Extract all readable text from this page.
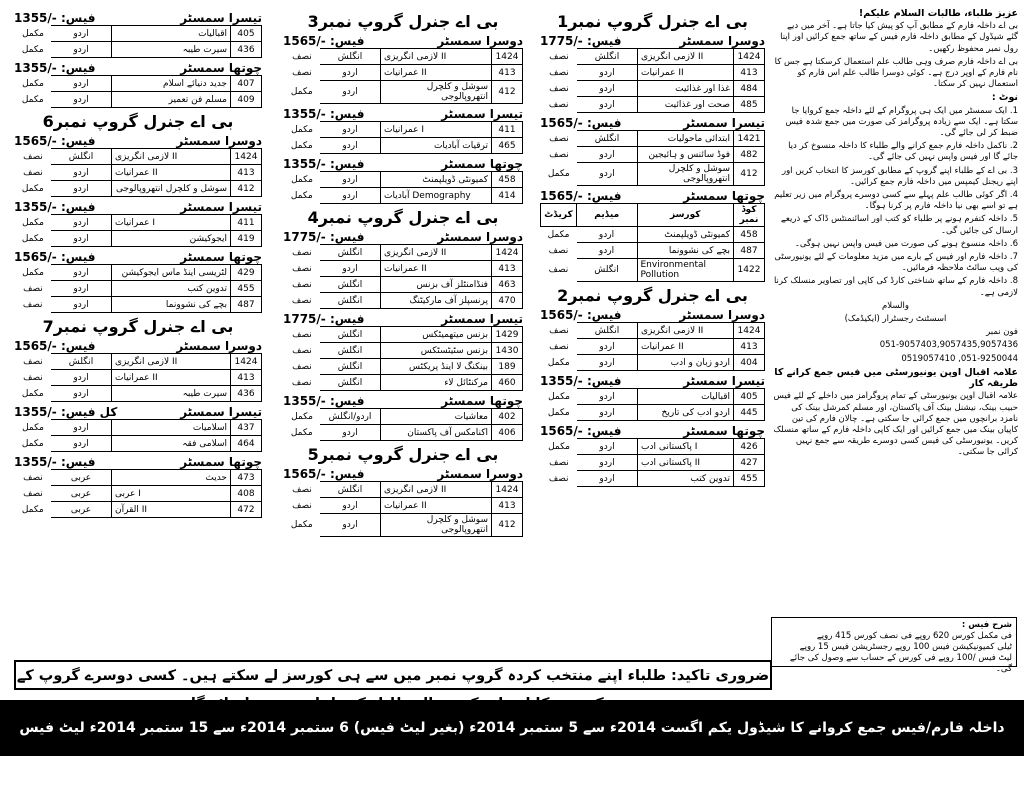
بی اے جنرل گروپ نمبر1
دوسرا سمسٹر
فیس: -/1775
1424	لازمی انگریزی II	انگلش	نصف
413	عمرانیات II	اردو	نصف
484	غذا اور غذائیت	اردو	نصف
485	صحت اور غذائیت	اردو	نصف
تیسرا سمسٹر
فیس: -/1565
1421	ابتدائی ماحولیات	انگلش	نصف
482	فوڈ سائنس و ہائیجین	اردو	نصف
412	سوشل و کلچرل انتھروپالوجی	اردو	مکمل
چوتھا سمسٹر
فیس: -/1565
کوڈ نمبر	کورسز	میڈیم	کریڈٹ
458	کمیونٹی ڈویلپمنٹ	اردو	مکمل
487	بچے کی نشوونما	اردو	نصف
1422	Environmental Pollution	انگلش	نصف
بی اے جنرل گروپ نمبر2
دوسرا سمسٹر
فیس: -/1565
1424	لازمی انگریزی II	انگلش	نصف
413	عمرانیات II	اردو	نصف
404	اردو زبان و ادب	اردو	مکمل
تیسرا سمسٹر
فیس: -/1355
405	اقبالیات	اردو	مکمل
445	اردو ادب کی تاریخ	اردو	مکمل
چوتھا سمسٹر
فیس: -/1565
426	پاکستانی ادب I	اردو	مکمل
427	پاکستانی ادب II	اردو	نصف
455	تدوین کتب	اردو	نصف
بی اے جنرل گروپ نمبر3
دوسرا سمسٹر
فیس: -/1565
1424	لازمی انگریزی II	انگلش	نصف
413	عمرانیات II	اردو	نصف
412	سوشل و کلچرل انتھروپالوجی	اردو	مکمل
تیسرا سمسٹر
فیس: -/1355
411	عمرانیات I	اردو	مکمل
465	ترقیات آبادیات	اردو	مکمل
چوتھا سمسٹر
فیس: -/1355
458	کمیونٹی ڈویلپمنٹ	اردو	مکمل
414	آبادیات Demography	اردو	مکمل
بی اے جنرل گروپ نمبر4
دوسرا سمسٹر
فیس: -/1775
1424	لازمی انگریزی II	انگلش	نصف
413	عمرانیات II	اردو	نصف
463	فنڈامنٹلز آف بزنس	انگلش	نصف
470	پرنسپلز آف مارکیٹنگ	انگلش	نصف
تیسرا سمسٹر
فیس: -/1775
1429	بزنس میتھمیٹکس	انگلش	نصف
1430	بزنس سٹیٹسٹکس	انگلش	نصف
189	بینکنگ لا اینڈ پریکٹس	انگلش	نصف
460	مرکنٹائل لاء	انگلش	نصف
چوتھا سمسٹر
فیس: -/1355
402	معاشیات	اردو/انگلش	مکمل
406	اکنامکس آف پاکستان	اردو	مکمل
بی اے جنرل گروپ نمبر5
دوسرا سمسٹر
فیس: -/1565
1424	لازمی انگریزی II	انگلش	نصف
413	عمرانیات II	اردو	نصف
412	سوشل و کلچرل انتھروپالوجی	اردو	مکمل
تیسرا سمسٹر
فیس: -/1355
405	اقبالیات	اردو	مکمل
436	سیرت طیبہ	اردو	مکمل
چوتھا سمسٹر
فیس: -/1355
407	جدید دنیائے اسلام	اردو	مکمل
409	مسلم فن تعمیر	اردو	مکمل
بی اے جنرل گروپ نمبر6
دوسرا سمسٹر
فیس: -/1565
1424	لازمی انگریزی II	انگلش	نصف
413	عمرانیات II	اردو	نصف
412	سوشل و کلچرل انتھروپالوجی	اردو	مکمل
تیسرا سمسٹر
فیس: -/1355
411	عمرانیات I	اردو	مکمل
419	ایجوکیشن	اردو	مکمل
چوتھا سمسٹر
فیس: -/1565
429	لٹریسی اینڈ ماس ایجوکیشن	اردو	مکمل
455	تدوین کتب	اردو	نصف
487	بچے کی نشوونما	اردو	نصف
بی اے جنرل گروپ نمبر7
دوسرا سمسٹر
فیس: -/1565
1424	لازمی انگریزی II	انگلش	نصف
413	عمرانیات II	اردو	نصف
436	سیرت طیبہ	اردو	مکمل
تیسرا سمسٹر
کل فیس: -/1355
437	اسلامیات	اردو	مکمل
464	اسلامی فقہ	اردو	مکمل
چوتھا سمسٹر
فیس: -/1355
473	حدیث	عربی	نصف
408	عربی I	عربی	نصف
472	القرآن II	عربی	مکمل

عزیز طلباء، طالبات السلام علیکم!

بی اے داخلہ فارم کے مطابق آپ کو پیش کیا جاتا ہے۔ آخر میں دیے گئے شیڈول کے مطابق داخلہ فارم فیس کے ساتھ جمع کرائیں اور اپنا رول نمبر محفوظ رکھیں۔

بی اے داخلہ فارم صرف وہی طالب علم استعمال کرسکتا ہے جس کا نام فارم کے اوپر درج ہے۔ کوئی دوسرا طالب علم اس فارم کو استعمال نہیں کر سکتا۔

نوٹ :

1. ایک سمسٹر میں ایک ہی پروگرام کے لئے داخلہ جمع کروایا جا سکتا ہے۔ ایک سے زیادہ پروگرامز کی صورت میں جمع شدہ فیس ضبط کر لی جائے گی۔

2. ناکمل داخلہ فارم جمع کرانے والے طلباء کا داخلہ منسوخ کر دیا جائے گا اور فیس واپس نہیں کی جائے گی۔

3. بی اے کے طلباء اپنے گروپ کے مطابق کورسز کا انتخاب کریں اور اپنے ریجنل کیمپس میں داخلہ فارم جمع کرائیں۔

4. اگر کوئی طالب علم پہلے سے کسی دوسرے پروگرام میں زیر تعلیم ہے تو اسے بھی نیا داخلہ فارم پر کرنا ہوگا۔

5. داخلہ کنفرم ہونے پر طلباء کو کتب اور اسائنمنٹس ڈاک کے ذریعے ارسال کی جائیں گی۔

6. داخلہ منسوخ ہونے کی صورت میں فیس واپس نہیں ہوگی۔

7. داخلہ فارم اور فیس کے بارے میں مزید معلومات کے لئے یونیورسٹی کی ویب سائٹ ملاحظہ فرمائیں۔

8. داخلہ فارم کے ساتھ شناختی کارڈ کی کاپی اور تصاویر منسلک کرنا لازمی ہے۔

والسلام

اسسٹنٹ رجسٹرار (ایکیڈمک)

فون نمبر

051-9057403,9057435,9057436

0519057410 ,051-9250044

علامہ اقبال اوپن یونیورسٹی میں فیس جمع کرانے کا طریقہ کار

علامہ اقبال اوپن یونیورسٹی کے تمام پروگرامز میں داخلے کے لئے فیس حبیب بینک، نیشنل بینک آف پاکستان، اور مسلم کمرشل بینک کی نامزد برانچوں میں جمع کرائی جا سکتی ہے۔ چالان فارم کی تین کاپیاں بینک میں جمع کرائیں اور ایک کاپی داخلہ فارم کے ساتھ منسلک کریں۔ یونیورسٹی کی فیس کسی دوسرے طریقہ سے جمع نہیں کرائی جا سکتی۔

شرح فیس :
فی مکمل کورس 620 روپے فی نصف کورس 415 روپے
ٹیلی کمیونیکیشن فیس 100 روپے رجسٹریشن فیس 15 روپے
لیٹ فیس /100 روپے فی کورس کے حساب سے وصول کی جائے گی۔
ضروری تاکید: طلباء اپنے منتخب کردہ گروپ نمبر میں سے ہی کورسز لے سکتے ہیں۔ کسی دوسرے گروپ کے
داخلہ فارم/فیس جمع کروانے کا شیڈول یکم اگست 2014ء سے 5 ستمبر 2014ء (بغیر لیٹ فیس) 6 ستمبر 2014ء سے 15 ستمبر 2014ء لیٹ فیس -/200 روپے اضافی، 16 ستمبر 2014ء سے 25 ستمبر 2014ء -/400 روپے لیٹ فیس اضافی
